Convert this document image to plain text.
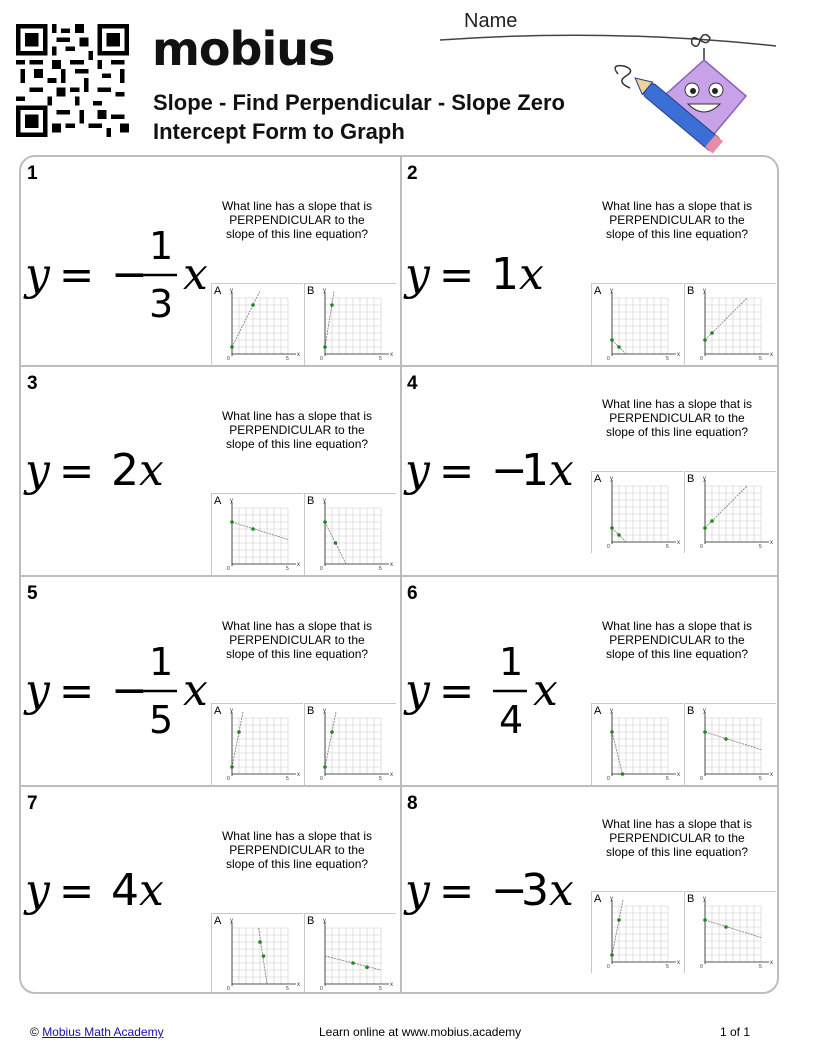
mobius
Slope - Find Perpendicular - Slope Zero Intercept Form to Graph
Name
1
What line has a slope that is PERPENDICULAR to the slope of this line equation?
y = −
1
3
x A y
x
0	5
B y
x
0	5
2
What line has a slope that is PERPENDICULAR to the slope of this line equation?
y = 1 x	A y
x
0	5
B y
x
0	5
3
What line has a slope that is PERPENDICULAR to the slope of this line equation?
y = 2 x
A y
x
0	5
B y
x
0	5
4
What line has a slope that is PERPENDICULAR to the slope of this line equation?
y = −
1 x A y
x
0	5
B y
x
0	5
5
What line has a slope that is PERPENDICULAR to the slope of this line equation?
y = −
1
5
x A y
x
0	5
B y
x
0	5
6
What line has a slope that is PERPENDICULAR to the slope of this line equation?
y =
1
4
x	A y
x
0	5
B y
x
0	5
7
What line has a slope that is PERPENDICULAR to the slope of this line equation?
y = 4 x
A y
x
0	5
B y
x
0	5
8
What line has a slope that is PERPENDICULAR to the slope of this line equation?
y = −
3 x A y
x
0	5
B y
x
0	5
© Mobius Math Academy	Learn online at www.mobius.academy	1 of 1
